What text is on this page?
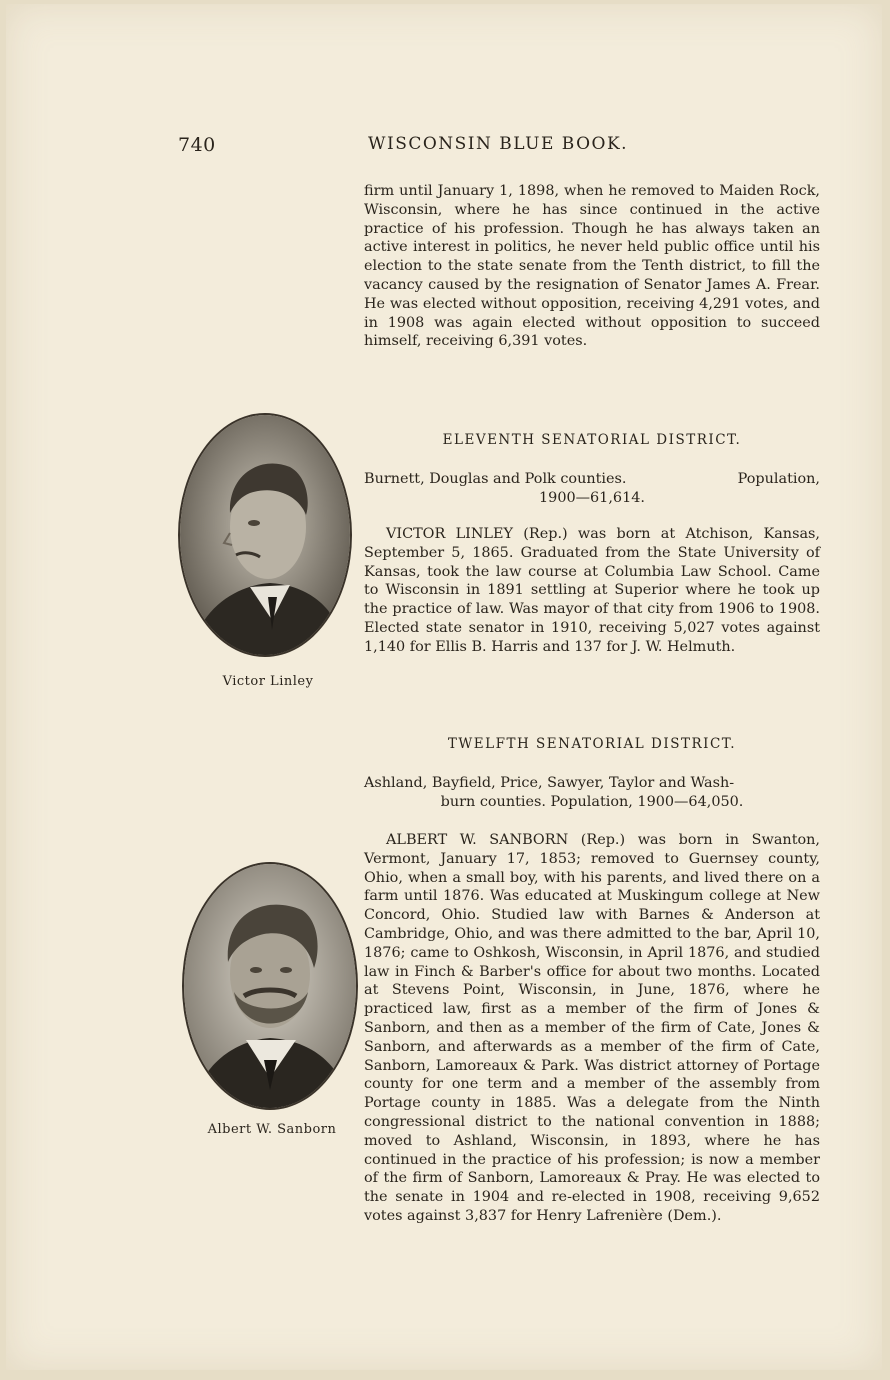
740	WISCONSIN BLUE BOOK.

firm until January 1, 1898, when he removed to Maiden Rock, Wisconsin, where he has since continued in the active practice of his profession. Though he has always taken an active interest in politics, he never held public office until his election to the state senate from the Tenth district, to fill the vacancy caused by the resignation of Senator James A. Frear. He was elected without opposition, receiving 4,291 votes, and in 1908 was again elected without opposition to succeed himself, receiving 6,391 votes.

ELEVENTH SENATORIAL DISTRICT.
Burnett, Douglas and Polk counties.	Population,
1900—61,614.

VICTOR LINLEY (Rep.) was born at Atchison, Kansas, September 5, 1865. Graduated from the State University of Kansas, took the law course at Columbia Law School. Came to Wisconsin in 1891 settling at Superior where he took up the practice of law. Was mayor of that city from 1906 to 1908. Elected state senator in 1910, receiving 5,027 votes against 1,140 for Ellis B. Harris and 137 for J. W. Helmuth.

Victor Linley
TWELFTH SENATORIAL DISTRICT.
Ashland, Bayfield, Price, Sawyer, Taylor and Wash-
burn counties. Population, 1900—64,050.

ALBERT W. SANBORN (Rep.) was born in Swanton, Vermont, January 17, 1853; removed to Guernsey county, Ohio, when a small boy, with his parents, and lived there on a farm until 1876. Was educated at Muskingum college at New Concord, Ohio. Studied law with Barnes & Anderson at Cambridge, Ohio, and was there admitted to the bar, April 10, 1876; came to Oshkosh, Wisconsin, in April 1876, and studied law in Finch & Barber's office for about two months. Located at Stevens Point, Wisconsin, in June, 1876, where he practiced law, first as a member of the firm of Jones & Sanborn, and then as a member of the firm of Cate, Jones & Sanborn, and afterwards as a member of the firm of Cate, Sanborn, Lamoreaux & Park. Was district attorney of Portage county for one term and a member of the assembly from Portage county in 1885. Was a delegate from the Ninth congressional district to the national convention in 1888; moved to Ashland, Wisconsin, in 1893, where he has continued in the practice of his profession; is now a member of the firm of Sanborn, Lamoreaux & Pray. He was elected to the senate in 1904 and re-elected in 1908, receiving 9,652 votes against 3,837 for Henry Lafrenière (Dem.).

Albert W. Sanborn
